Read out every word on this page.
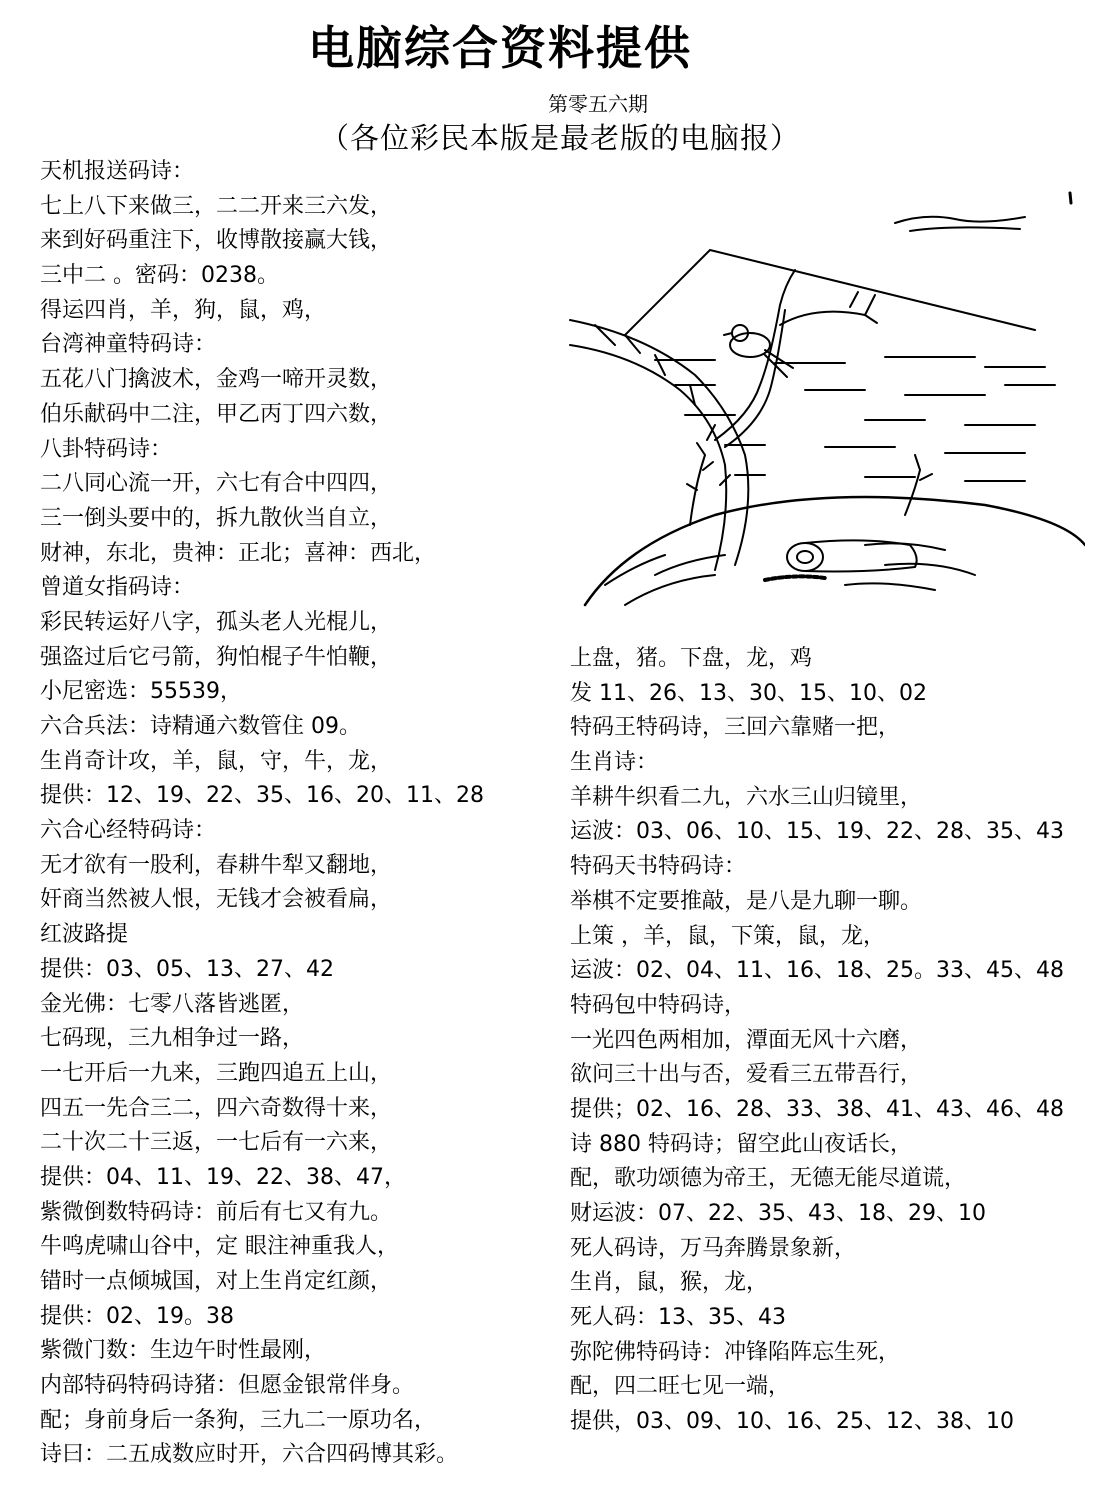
电脑综合资料提供
第零五六期
（各位彩民本版是最老版的电脑报）
天机报送码诗：
七上八下来做三，二二开来三六发，
来到好码重注下，收博散接赢大钱，
三中二 。密码：0238。
得运四肖，羊，狗，鼠，鸡，
台湾神童特码诗：
五花八门擒波术，金鸡一啼开灵数，
伯乐献码中二注，甲乙丙丁四六数，
八卦特码诗：
二八同心流一开，六七有合中四四，
三一倒头要中的，拆九散伙当自立，
财神，东北，贵神：正北；喜神：西北，
曾道女指码诗：
彩民转运好八字，孤头老人光棍儿，
强盗过后它弓箭，狗怕棍子牛怕鞭，
小尼密选：55539，
六合兵法：诗精通六数管住 09。
生肖奇计攻，羊，鼠，守，牛，龙，
提供：12、19、22、35、16、20、11、28
六合心经特码诗：
无才欲有一股利，春耕牛犁又翻地，
奸商当然被人恨，无钱才会被看扁，
红波路提
提供：03、05、13、27、42
金光佛：七零八落皆逃匿，
七码现，三九相争过一路，
一七开后一九来，三跑四追五上山，
四五一先合三二，四六奇数得十来，
二十次二十三返，一七后有一六来，
提供：04、11、19、22、38、47，
紫微倒数特码诗：前后有七又有九。
牛鸣虎啸山谷中，定 眼注神重我人，
错时一点倾城国，对上生肖定红颜，
提供：02、19。38
紫微门数：生边午时性最刚，
内部特码特码诗猪：但愿金银常伴身。
配；身前身后一条狗，三九二一原功名，
诗曰：二五成数应时开，六合四码博其彩。
上盘，猪。下盘，龙，鸡
发 11、26、13、30、15、10、02
特码王特码诗，三回六靠赌一把，
生肖诗：
羊耕牛织看二九，六水三山归镜里，
运波：03、06、10、15、19、22、28、35、43
特码天书特码诗：
举棋不定要推敲，是八是九聊一聊。
上策 ，羊，鼠，下策，鼠，龙，
运波：02、04、11、16、18、25。33、45、48
特码包中特码诗，
一光四色两相加，潭面无风十六磨，
欲问三十出与否，爱看三五带吾行，
提供；02、16、28、33、38、41、43、46、48
诗 880 特码诗；留空此山夜话长，
配，歌功颂德为帝王，无德无能尽道谎，
财运波：07、22、35、43、18、29、10
死人码诗，万马奔腾景象新，
生肖，鼠，猴，龙，
死人码：13、35、43
弥陀佛特码诗：冲锋陷阵忘生死，
配，四二旺七见一端，
提供，03、09、10、16、25、12、38、10
